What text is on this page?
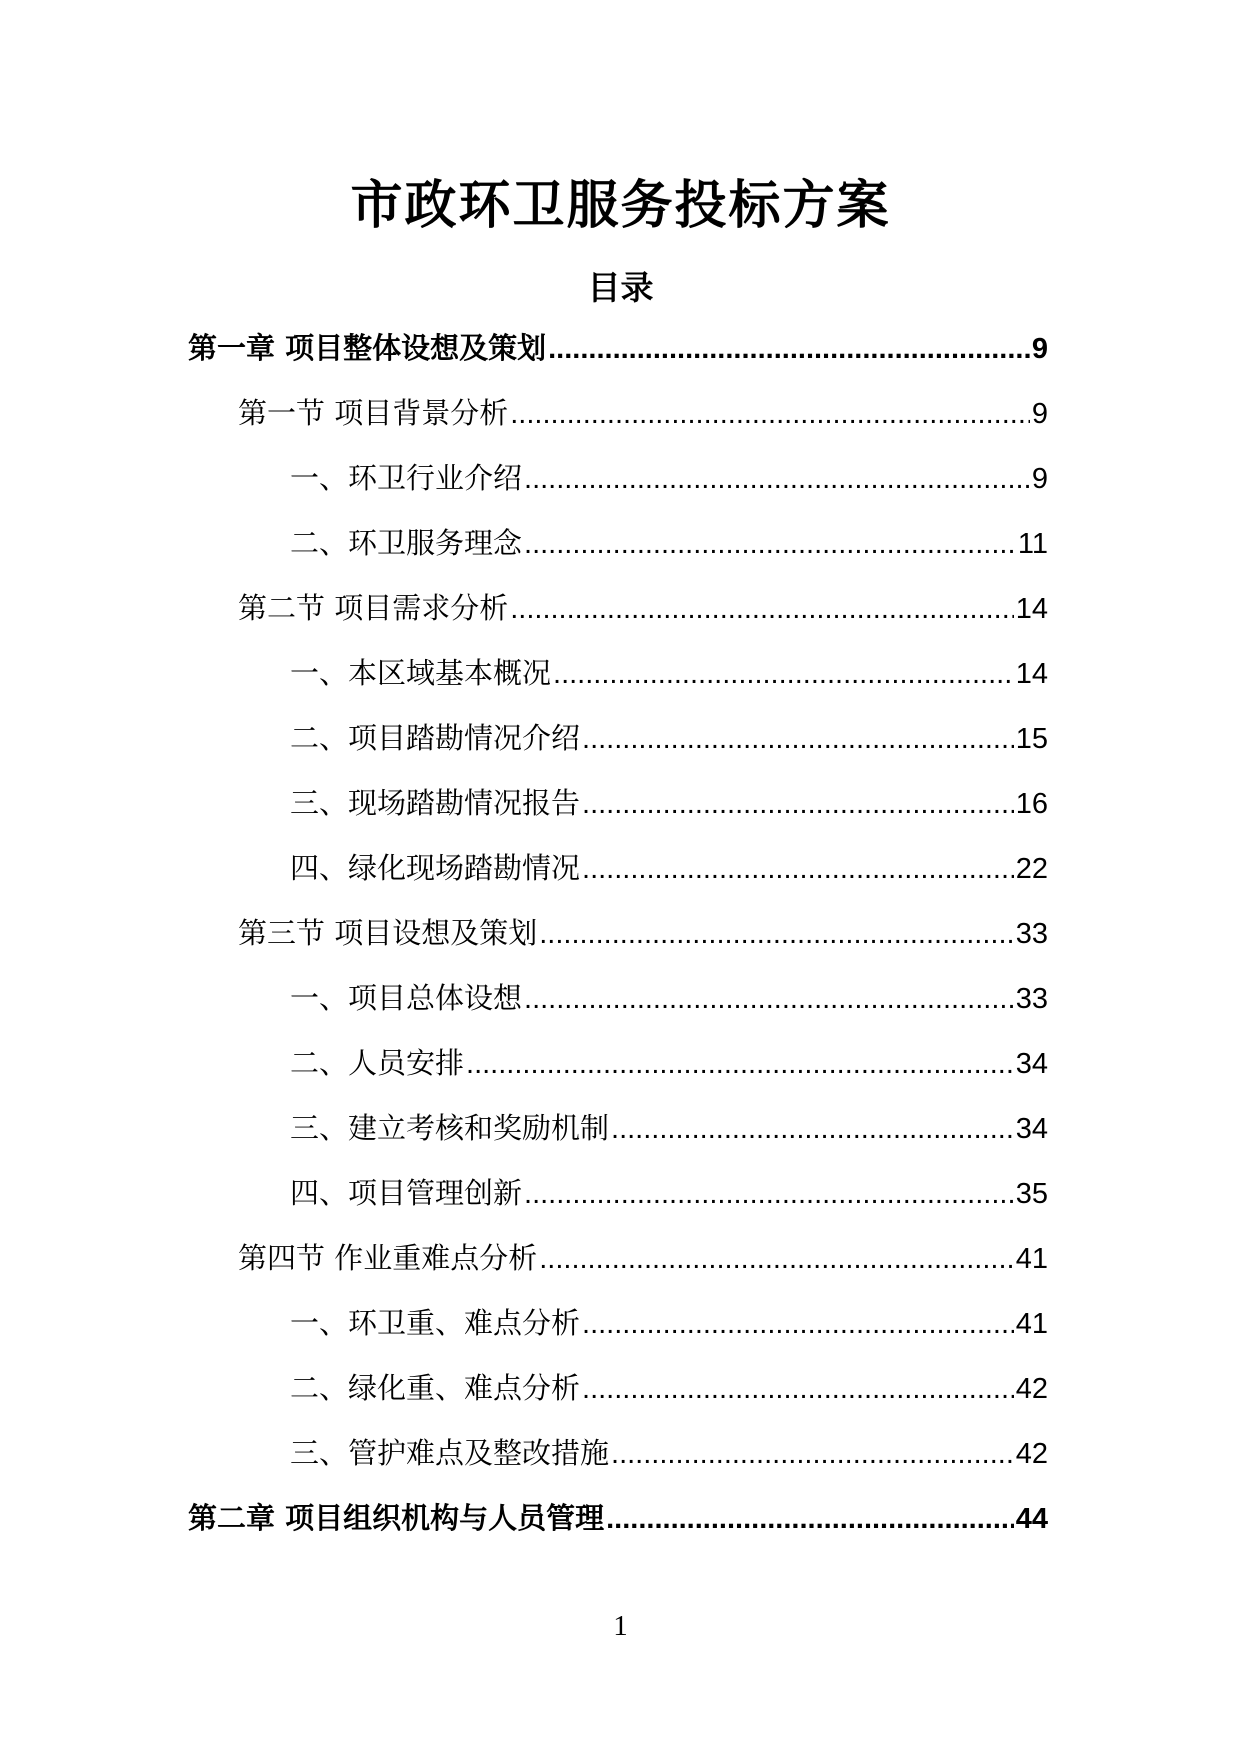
市政环卫服务投标方案
目录
第一章 项目整体设想及策划 .....	9
第一节 项目背景分析 .....	9
一、环卫行业介绍 .....	9
二、环卫服务理念 .....	11
第二节 项目需求分析 .....	14
一、本区域基本概况 .....	14
二、项目踏勘情况介绍 .....	15
三、现场踏勘情况报告 .....	16
四、绿化现场踏勘情况 .....	22
第三节 项目设想及策划 .....	33
一、项目总体设想 .....	33
二、人员安排 .....	34
三、建立考核和奖励机制 .....	34
四、项目管理创新 .....	35
第四节 作业重难点分析 .....	41
一、环卫重、难点分析 .....	41
二、绿化重、难点分析 .....	42
三、管护难点及整改措施 .....	42
第二章 项目组织机构与人员管理 .....	44
1
